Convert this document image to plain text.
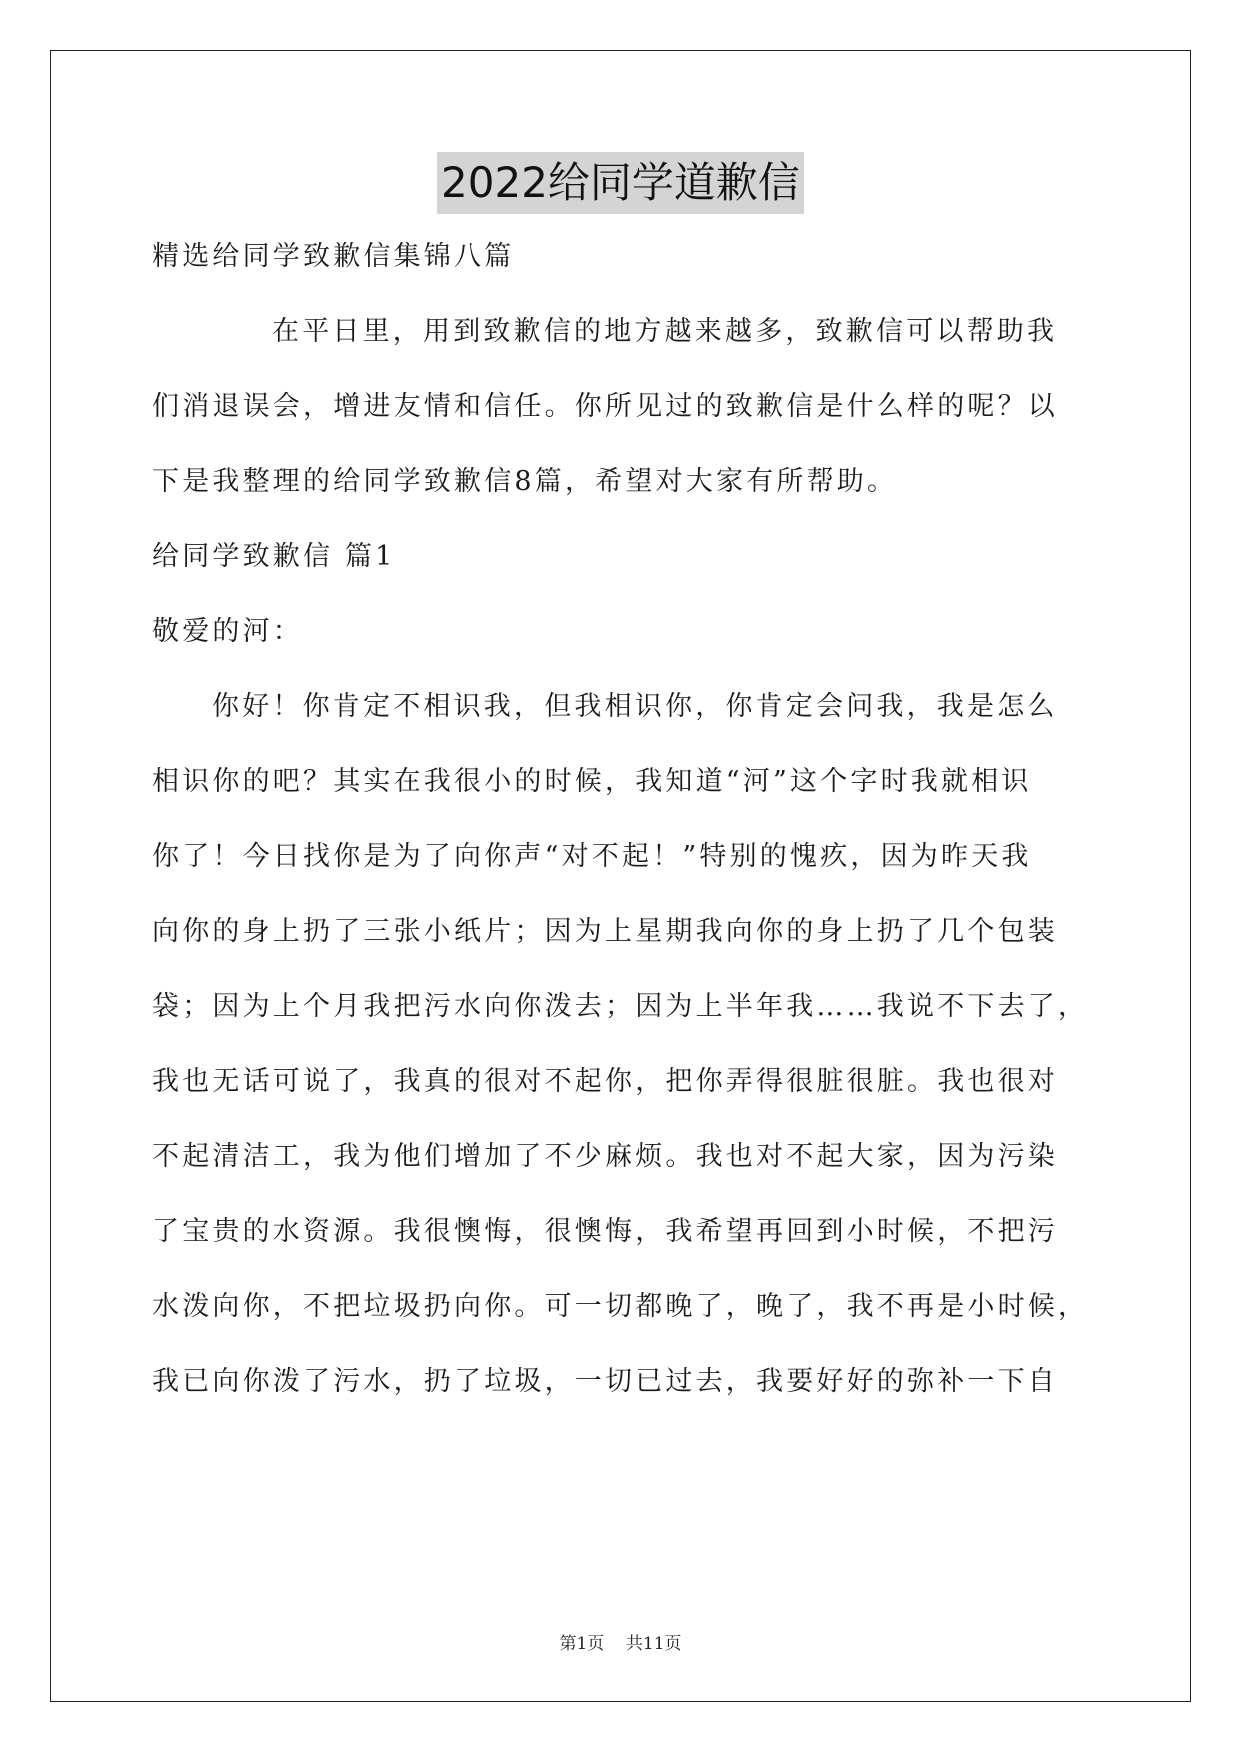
2022给同学道歉信
精选给同学致歉信集锦八篇
在平日里，用到致歉信的地方越来越多，致歉信可以帮助我
们消退误会，增进友情和信任。你所见过的致歉信是什么样的呢？以
下是我整理的给同学致歉信8篇，希望对大家有所帮助。
给同学致歉信 篇1
敬爱的河：
你好！你肯定不相识我，但我相识你，你肯定会问我，我是怎么
相识你的吧？其实在我很小的时候，我知道“河”这个字时我就相识
你了！今日找你是为了向你声“对不起！”特别的愧疚，因为昨天我
向你的身上扔了三张小纸片；因为上星期我向你的身上扔了几个包装
袋；因为上个月我把污水向你泼去；因为上半年我……我说不下去了，
我也无话可说了，我真的很对不起你，把你弄得很脏很脏。我也很对
不起清洁工，我为他们增加了不少麻烦。我也对不起大家，因为污染
了宝贵的水资源。我很懊悔，很懊悔，我希望再回到小时候，不把污
水泼向你，不把垃圾扔向你。可一切都晚了，晚了，我不再是小时候，
我已向你泼了污水，扔了垃圾，一切已过去，我要好好的弥补一下自
第1页    共11页
